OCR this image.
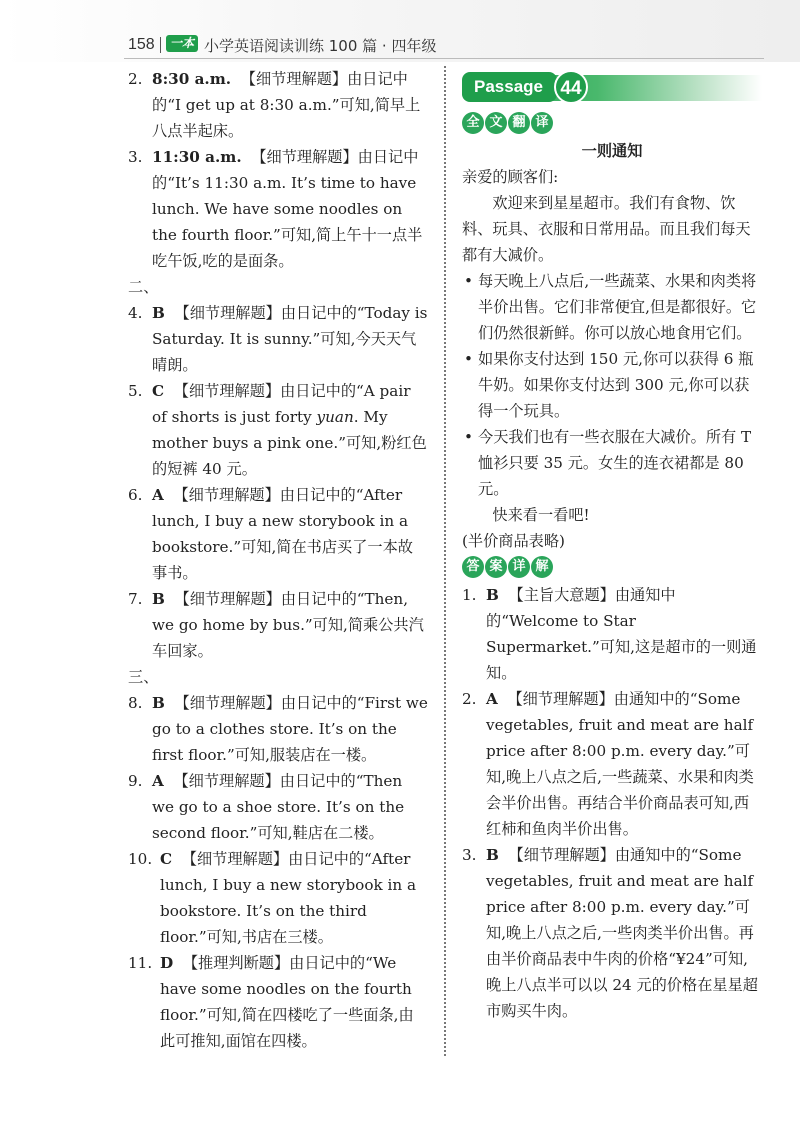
158	一本 小学英语阅读训练 100 篇 · 四年级

2. 8:30 a.m. 【细节理解题】由日记中的“I get up at 8:30 a.m.”可知,简早上八点半起床。

3. 11:30 a.m. 【细节理解题】由日记中的“It’s 11:30 a.m. It’s time to have lunch. We have some noodles on the fourth floor.”可知,简上午十一点半吃午饭,吃的是面条。

二、

4. B 【细节理解题】由日记中的“Today is Saturday. It is sunny.”可知,今天天气晴朗。

5. C 【细节理解题】由日记中的“A pair of shorts is just forty yuan. My mother buys a pink one.”可知,粉红色的短裤 40 元。

6. A 【细节理解题】由日记中的“After lunch, I buy a new storybook in a bookstore.”可知,简在书店买了一本故事书。

7. B 【细节理解题】由日记中的“Then, we go home by bus.”可知,简乘公共汽车回家。

三、

8. B 【细节理解题】由日记中的“First we go to a clothes store. It’s on the first floor.”可知,服装店在一楼。

9. A 【细节理解题】由日记中的“Then we go to a shoe store. It’s on the second floor.”可知,鞋店在二楼。

10. C 【细节理解题】由日记中的“After lunch, I buy a new storybook in a bookstore. It’s on the third floor.”可知,书店在三楼。

11. D 【推理判断题】由日记中的“We have some noodles on the fourth floor.”可知,简在四楼吃了一些面条,由此可推知,面馆在四楼。

Passage 44
全 文 翻 译

一则通知

亲爱的顾客们:

欢迎来到星星超市。我们有食物、饮料、玩具、衣服和日常用品。而且我们每天都有大减价。

• 每天晚上八点后,一些蔬菜、水果和肉类将半价出售。它们非常便宜,但是都很好。它们仍然很新鲜。你可以放心地食用它们。

• 如果你支付达到 150 元,你可以获得 6 瓶牛奶。如果你支付达到 300 元,你可以获得一个玩具。

• 今天我们也有一些衣服在大减价。所有 T 恤衫只要 35 元。女生的连衣裙都是 80 元。

快来看一看吧!

(半价商品表略)

答 案 详 解

1. B 【主旨大意题】由通知中的“Welcome to Star Supermarket.”可知,这是超市的一则通知。

2. A 【细节理解题】由通知中的“Some vegetables, fruit and meat are half price after 8:00 p.m. every day.”可知,晚上八点之后,一些蔬菜、水果和肉类会半价出售。再结合半价商品表可知,西红柿和鱼肉半价出售。

3. B 【细节理解题】由通知中的“Some vegetables, fruit and meat are half price after 8:00 p.m. every day.”可知,晚上八点之后,一些肉类半价出售。再由半价商品表中牛肉的价格“¥24”可知,晚上八点半可以以 24 元的价格在星星超市购买牛肉。
